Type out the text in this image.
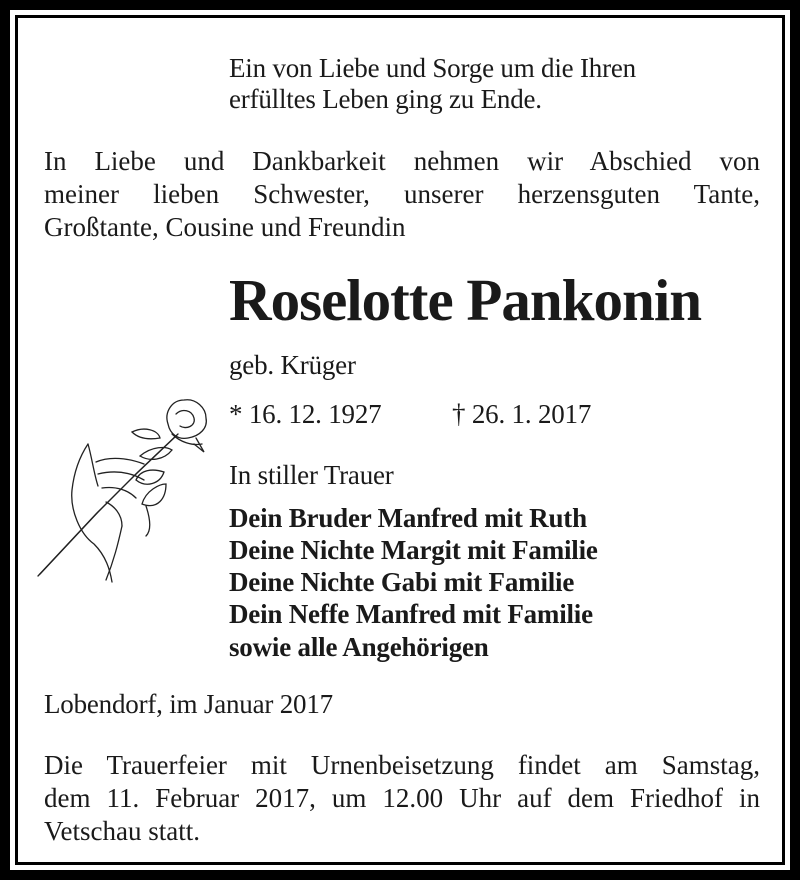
Ein von Liebe und Sorge um die Ihren
erfülltes Leben ging zu Ende.
In Liebe und Dankbarkeit nehmen wir Abschied von
meiner lieben Schwester, unserer herzensguten Tante,
Großtante, Cousine und Freundin
Roselotte Pankonin
geb. Krüger
* 16. 12. 1927	† 26. 1. 2017
In stiller Trauer
Dein Bruder Manfred mit Ruth
Deine Nichte Margit mit Familie
Deine Nichte Gabi mit Familie
Dein Neffe Manfred mit Familie
sowie alle Angehörigen
Lobendorf, im Januar 2017
Die Trauerfeier mit Urnenbeisetzung findet am Samstag,
dem 11. Februar 2017, um 12.00 Uhr auf dem Friedhof in
Vetschau statt.
